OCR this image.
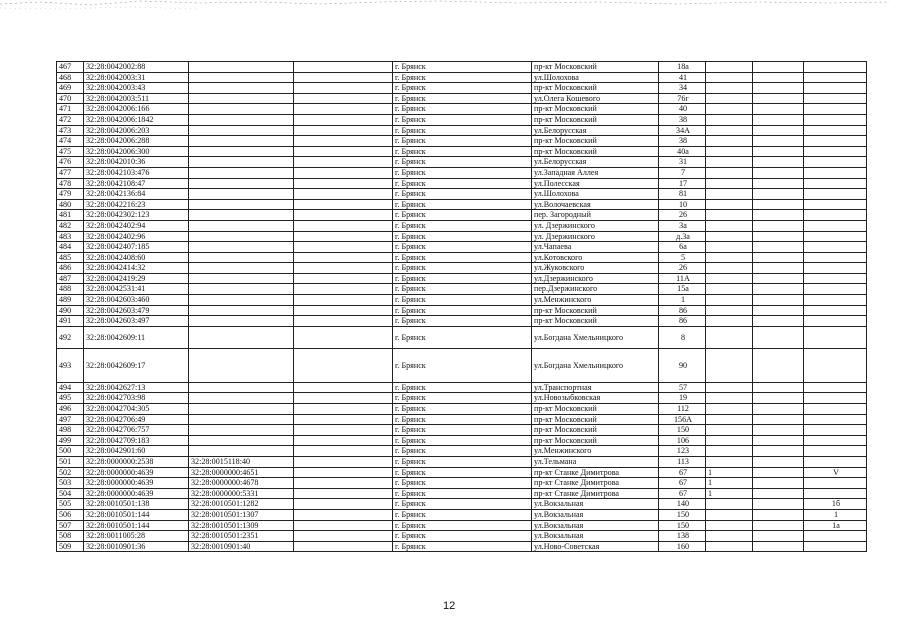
467	32:28:0042002:88			г. Брянск	пр-кт Московский	18а			
468	32:28:0042003:31			г. Брянск	ул.Шолохова	41			
469	32:28:0042003:43			г. Брянск	пр-кт Московский	34			
470	32:28:0042003:511			г. Брянск	ул.Олега Кошевого	76г			
471	32:28:0042006:166			г. Брянск	пр-кт Московский	40			
472	32:28:0042006:1842			г. Брянск	пр-кт Московский	38			
473	32:28:0042006:203			г. Брянск	ул.Белорусская	34А			
474	32:28:0042006:288			г. Брянск	пр-кт Московский	38			
475	32:28:0042006:300			г. Брянск	пр-кт Московский	40а			
476	32:28:0042010:36			г. Брянск	ул.Белорусская	31			
477	32:28:0042103:476			г. Брянск	ул.Западная Аллея	7			
478	32:28:0042108:47			г. Брянск	ул.Полесская	17			
479	32:28:0042136:84			г. Брянск	ул.Шолохова	81			
480	32:28:0042216:23			г. Брянск	ул.Волочаевская	10			
481	32:28:0042302:123			г. Брянск	пер. Загородный	26			
482	32:28:0042402:94			г. Брянск	ул. Дзержинского	3а			
483	32:28:0042402:96			г. Брянск	ул. Дзержинского	д.3а			
484	32:28:0042407:185			г. Брянск	ул.Чапаева	6а			
485	32:28:0042408:60			г. Брянск	ул.Котовского	5			
486	32:28:0042414:32			г. Брянск	ул.Жуковского	26			
487	32:28:0042419:29			г. Брянск	ул.Дзержинского	11А			
488	32:28:0042531:41			г. Брянск	пер.Дзержинского	15а			
489	32:28:0042603:460			г. Брянск	ул.Менжинского	1			
490	32:28:0042603:479			г. Брянск	пр-кт Московский	86			
491	32:28:0042603:497			г. Брянск	пр-кт Московский	86			
492	32:28:0042609:11			г. Брянск	ул.Богдана Хмельницкого	8			
493	32:28:0042609:17			г. Брянск	ул.Богдана Хмельницкого	90			
494	32:28:0042627:13			г. Брянск	ул.Транспортная	57			
495	32:28:0042703:98			г. Брянск	ул.Новозыбковская	19			
496	32:28:0042704:305			г. Брянск	пр-кт Московский	112			
497	32:28:0042706:49			г. Брянск	пр-кт Московский	156А			
498	32:28:0042706:757			г. Брянск	пр-кт Московский	150			
499	32:28:0042709:183			г. Брянск	пр-кт Московский	106			
500	32:28:0042901:60			г. Брянск	ул.Менжинского	123			
501	32:28:0000000:2538	32:28:0015118:40		г. Брянск	ул.Тельмана	113			
502	32:28:0000000:4639	32:28:0000000:4651		г. Брянск	пр-кт Станке Димитрова	67	1		V
503	32:28:0000000:4639	32:28:0000000:4678		г. Брянск	пр-кт Станке Димитрова	67	1		
504	32:28:0000000:4639	32:28:0000000:5331		г. Брянск	пр-кт Станке Димитрова	67	1		
505	32:28:0010501:138	32:28:0010501:1282		г. Брянск	ул.Вокзальная	140			1б
506	32:28:0010501:144	32:28:0010501:1307		г. Брянск	ул.Вокзальная	150			1
507	32:28:0010501:144	32:28:0010501:1309		г. Брянск	ул.Вокзальная	150			1а
508	32:28:0011005:28	32:28:0010501:2351		г. Брянск	ул.Вокзальная	138			
509	32:28:0010901:36	32:28:0010901:40		г. Брянск	ул.Ново-Советская	160			
12
